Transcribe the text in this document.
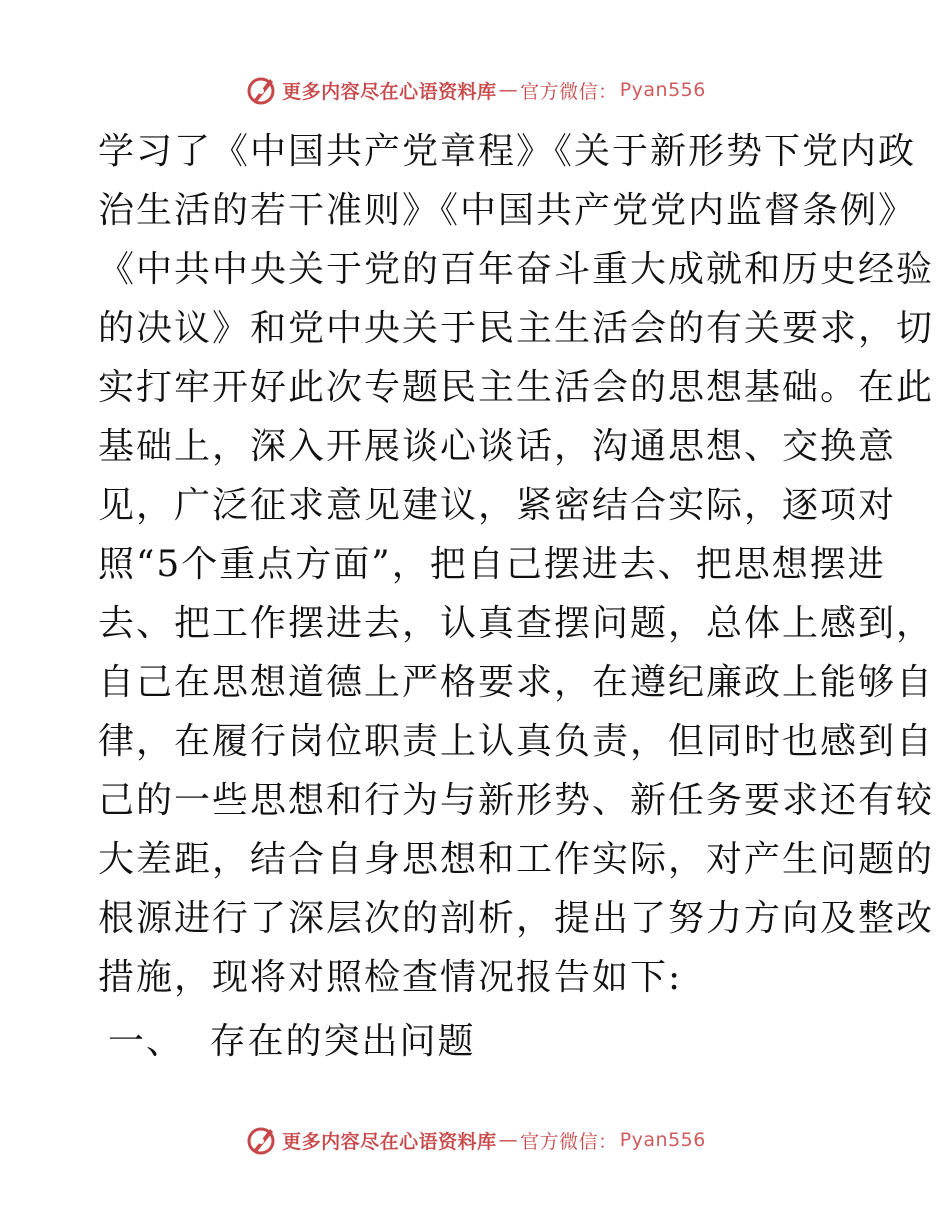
更多内容尽在心语资料库 — 官方微信： Pyan556
学习了《中国共产党章程》《关于新形势下党内政
治生活的若干准则》《中国共产党党内监督条例》
《中共中央关于党的百年奋斗重大成就和历史经验
的决议》和党中央关于民主生活会的有关要求，切
实打牢开好此次专题民主生活会的思想基础。在此
基础上，深入开展谈心谈话，沟通思想、交换意
见，广泛征求意见建议，紧密结合实际，逐项对
照“5个重点方面”，把自己摆进去、把思想摆进
去、把工作摆进去，认真查摆问题，总体上感到，
自己在思想道德上严格要求，在遵纪廉政上能够自
律，在履行岗位职责上认真负责，但同时也感到自
己的一些思想和行为与新形势、新任务要求还有较
大差距，结合自身思想和工作实际，对产生问题的
根源进行了深层次的剖析，提出了努力方向及整改
措施，现将对照检查情况报告如下:
一、 存在的突出问题
更多内容尽在心语资料库 — 官方微信： Pyan556
